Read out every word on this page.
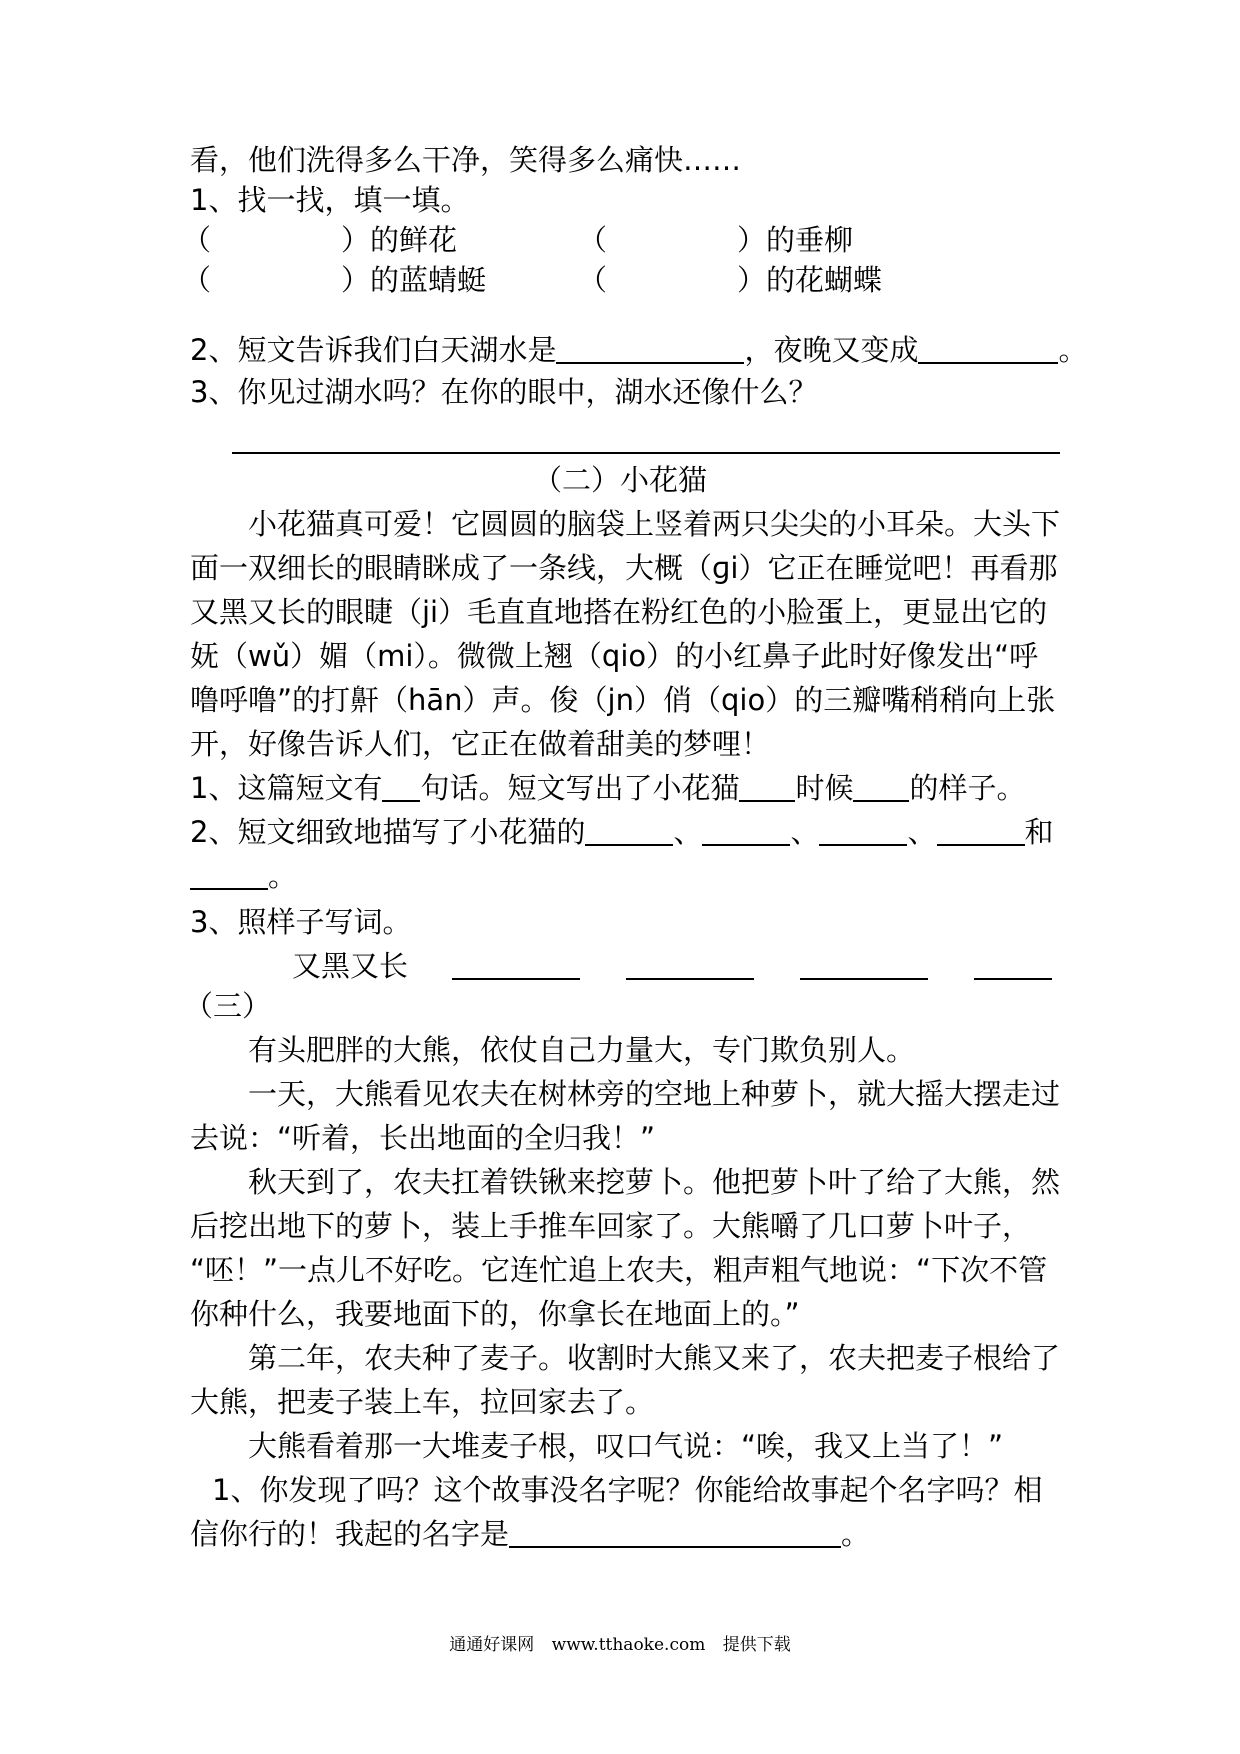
看，他们洗得多么干净，笑得多么痛快……
1、找一找，填一填。
（	）的鲜花	（	）的垂柳
（	）的蓝蜻蜓	（	）的花蝴蝶
2、短文告诉我们白天湖水是	，夜晚又变成	。
3、你见过湖水吗？在你的眼中，湖水还像什么？
（二）小花猫
小花猫真可爱！它圆圆的脑袋上竖着两只尖尖的小耳朵。大头下
面一双细长的眼睛眯成了一条线，大概（ɡi）它正在睡觉吧！再看那
又黑又长的眼睫（ji）毛直直地搭在粉红色的小脸蛋上，更显出它的
妩（wǔ）媚（mi）。微微上翘（qio）的小红鼻子此时好像发出“呼
噜呼噜”的打鼾（hān）声。俊（jn）俏（qio）的三瓣嘴稍稍向上张
开，好像告诉人们，它正在做着甜美的梦哩！
1、这篇短文有 句话。短文写出了小花猫 时候 的样子。
2、短文细致地描写了小花猫的	、	、	、	和
。
3、照样子写词。
又黑又长
（三）
有头肥胖的大熊，依仗自己力量大，专门欺负别人。
一天，大熊看见农夫在树林旁的空地上种萝卜，就大摇大摆走过
去说：“听着，长出地面的全归我！”
秋天到了，农夫扛着铁锹来挖萝卜。他把萝卜叶了给了大熊，然
后挖出地下的萝卜，装上手推车回家了。大熊嚼了几口萝卜叶子，
“呸！”一点儿不好吃。它连忙追上农夫，粗声粗气地说：“下次不管
你种什么，我要地面下的，你拿长在地面上的。”
第二年，农夫种了麦子。收割时大熊又来了，农夫把麦子根给了
大熊，把麦子装上车，拉回家去了。
大熊看着那一大堆麦子根，叹口气说：“唉，我又上当了！”
1、你发现了吗？这个故事没名字呢？你能给故事起个名字吗？相
信你行的！我起的名字是	。
通通好课网 www.tthaoke.com 提供下载
